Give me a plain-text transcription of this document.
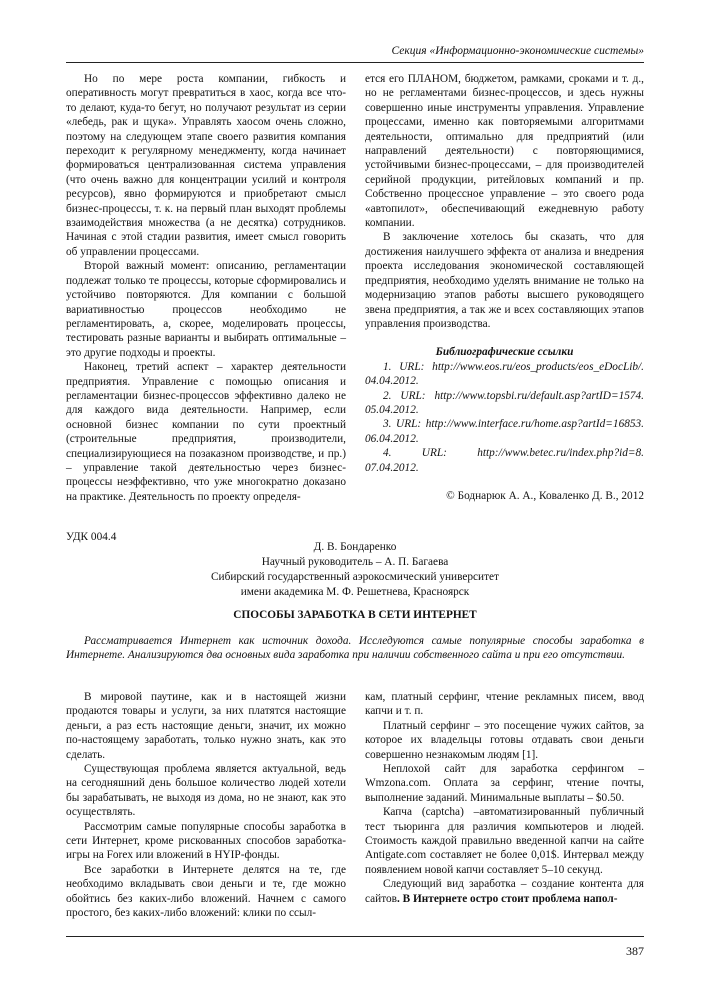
Секция «Информационно-экономические системы»

Но по мере роста компании, гибкость и оперативность могут превратиться в хаос, когда все что-то делают, куда-то бегут, но получают результат из серии «лебедь, рак и щука». Управлять хаосом очень сложно, поэтому на следующем этапе своего развития компания переходит к регулярному менеджменту, когда начинает формироваться централизованная система управления (что очень важно для концентрации усилий и контроля ресурсов), явно формируются и приобретают смысл бизнес-процессы, т. к. на первый план выходят проблемы взаимодействия множества (а не десятка) сотрудников. Начиная с этой стадии развития, имеет смысл говорить об управлении процессами.

Второй важный момент: описанию, регламентации подлежат только те процессы, которые сформировались и устойчиво повторяются. Для компании с большой вариативностью процессов необходимо не регламентировать, а, скорее, моделировать процессы, тестировать разные варианты и выбирать оптимальные – это другие подходы и проекты.

Наконец, третий аспект – характер деятельности предприятия. Управление с помощью описания и регламентации бизнес-процессов эффективно далеко не для каждого вида деятельности. Например, если основной бизнес компании по сути проектный (строительные предприятия, производители, специализирующиеся на позаказном производстве, и пр.) – управление такой деятельностью через бизнес-процессы неэффективно, что уже многократно доказано на практике. Деятельность по проекту определя-

ется его ПЛАНОМ, бюджетом, рамками, сроками и т. д., но не регламентами бизнес-процессов, и здесь нужны совершенно иные инструменты управления. Управление процессами, именно как повторяемыми алгоритмами деятельности, оптимально для предприятий (или направлений деятельности) с повторяющимися, устойчивыми бизнес-процессами, – для производителей серийной продукции, ритейловых компаний и пр. Собственно процессное управление – это своего рода «автопилот», обеспечивающий ежедневную работу компании.

В заключение хотелось бы сказать, что для достижения наилучшего эффекта от анализа и внедрения проекта исследования экономической составляющей предприятия, необходимо уделять внимание не только на модернизацию этапов работы высшего руководящего звена предприятия, а так же и всех составляющих этапов управления производства.

Библиографические ссылки

1. URL: http://www.eos.ru/eos_products/eos_eDocLib/. 04.04.2012.

2. URL: http://www.topsbi.ru/default.asp?artID=1574. 05.04.2012.

3. URL: http://www.interface.ru/home.asp?artId=16853. 06.04.2012.

4. URL: http://www.betec.ru/index.php?id=8. 07.04.2012.

© Боднарюк А. А., Коваленко Д. В., 2012

УДК 004.4
Д. В. Бондаренко
Научный руководитель – А. П. Багаева
Сибирский государственный аэрокосмический университет
имени академика М. Ф. Решетнева, Красноярск
СПОСОБЫ ЗАРАБОТКА В СЕТИ ИНТЕРНЕТ

Рассматривается Интернет как источник дохода. Исследуются самые популярные способы заработка в Интернете. Анализируются два основных вида заработка при наличии собственного сайта и при его отсутствии.

В мировой паутине, как и в настоящей жизни продаются товары и услуги, за них платятся настоящие деньги, а раз есть настоящие деньги, значит, их можно по-настоящему заработать, только нужно знать, как это сделать.

Существующая проблема является актуальной, ведь на сегодняшний день большое количество людей хотели бы зарабатывать, не выходя из дома, но не знают, как это осуществлять.

Рассмотрим самые популярные способы заработка в сети Интернет, кроме рискованных способов заработка- игры на Forex или вложений в HYIP-фонды.

Все заработки в Интернете делятся на те, где необходимо вкладывать свои деньги и те, где можно обойтись без каких-либо вложений. Начнем с самого простого, без каких-либо вложений: клики по ссыл-

кам, платный серфинг, чтение рекламных писем, ввод капчи и т. п.

Платный серфинг – это посещение чужих сайтов, за которое их владельцы готовы отдавать свои деньги совершенно незнакомым людям [1].

Неплохой сайт для заработка серфингом – Wmzona.com. Оплата за серфинг, чтение почты, выполнение заданий. Минимальные выплаты – $0.50.

Капча (captcha) –автоматизированный публичный тест тьюринга для различия компьютеров и людей. Стоимость каждой правильно введенной капчи на сайте Antigate.com составляет не более 0,01$. Интервал между появлением новой капчи составляет 5–10 секунд.

Следующий вид заработка – создание контента для сайтов. В Интернете остро стоит проблема напол-

387
